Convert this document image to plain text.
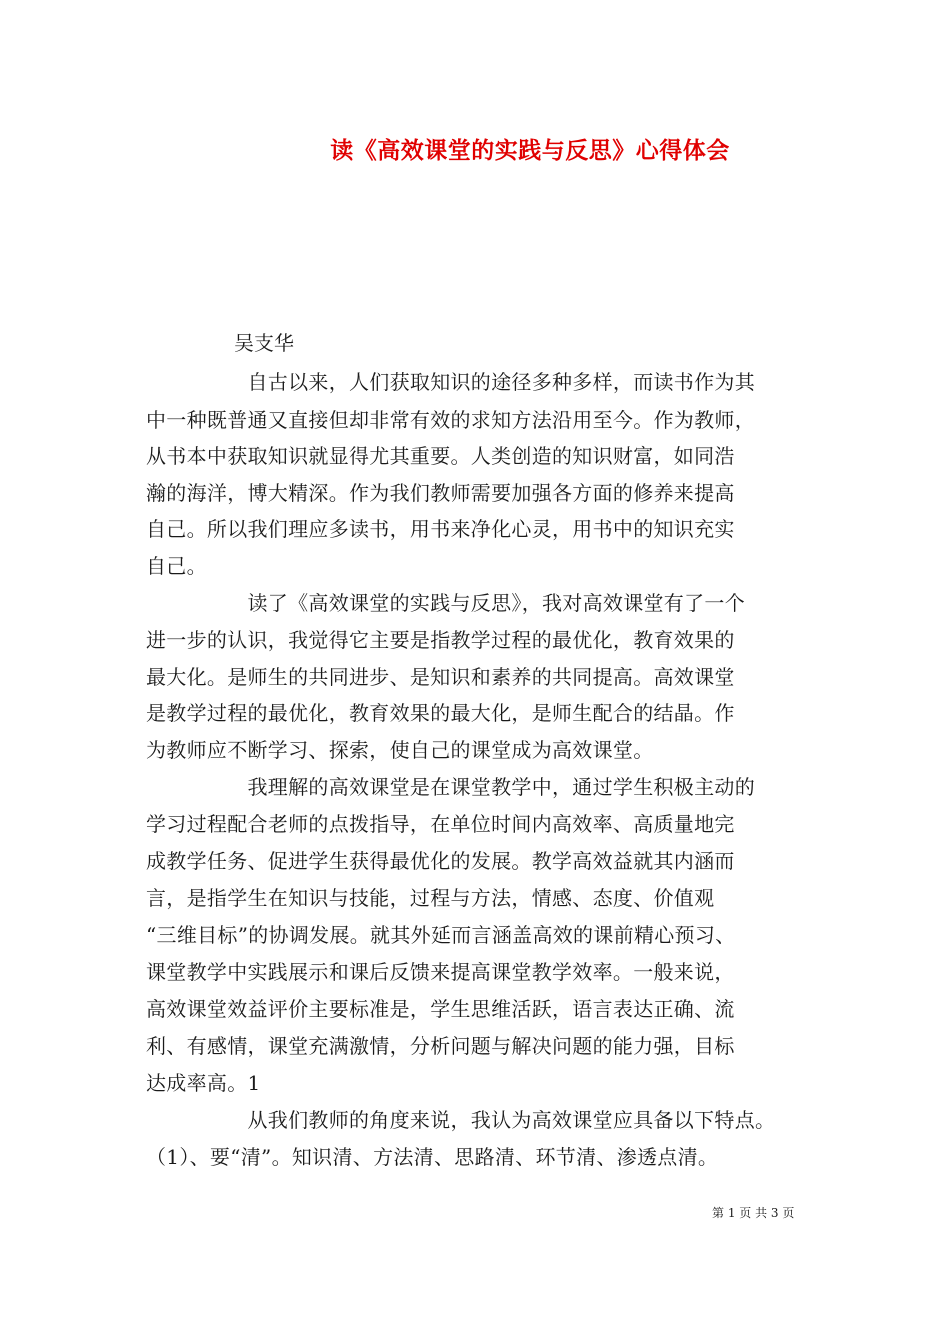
读《高效课堂的实践与反思》心得体会
吴支华
　　　　　自古以来，人们获取知识的途径多种多样，而读书作为其
中一种既普通又直接但却非常有效的求知方法沿用至今。作为教师，
从书本中获取知识就显得尤其重要。人类创造的知识财富，如同浩
瀚的海洋，博大精深。作为我们教师需要加强各方面的修养来提高
自己。所以我们理应多读书，用书来净化心灵，用书中的知识充实
自己。
　　　　　读了《高效课堂的实践与反思》，我对高效课堂有了一个
进一步的认识，我觉得它主要是指教学过程的最优化，教育效果的
最大化。是师生的共同进步、是知识和素养的共同提高。高效课堂
是教学过程的最优化，教育效果的最大化，是师生配合的结晶。作
为教师应不断学习、探索，使自己的课堂成为高效课堂。
　　　　　我理解的高效课堂是在课堂教学中，通过学生积极主动的
学习过程配合老师的点拨指导，在单位时间内高效率、高质量地完
成教学任务、促进学生获得最优化的发展。教学高效益就其内涵而
言，是指学生在知识与技能，过程与方法，情感、态度、价值观
“三维目标”的协调发展。就其外延而言涵盖高效的课前精心预习、
课堂教学中实践展示和课后反馈来提高课堂教学效率。一般来说，
高效课堂效益评价主要标准是，学生思维活跃，语言表达正确、流
利、有感情，课堂充满激情，分析问题与解决问题的能力强，目标
达成率高。1
　　　　　从我们教师的角度来说，我认为高效课堂应具备以下特点。
（1）、要“清”。知识清、方法清、思路清、环节清、渗透点清。
第 1 页 共 3 页
